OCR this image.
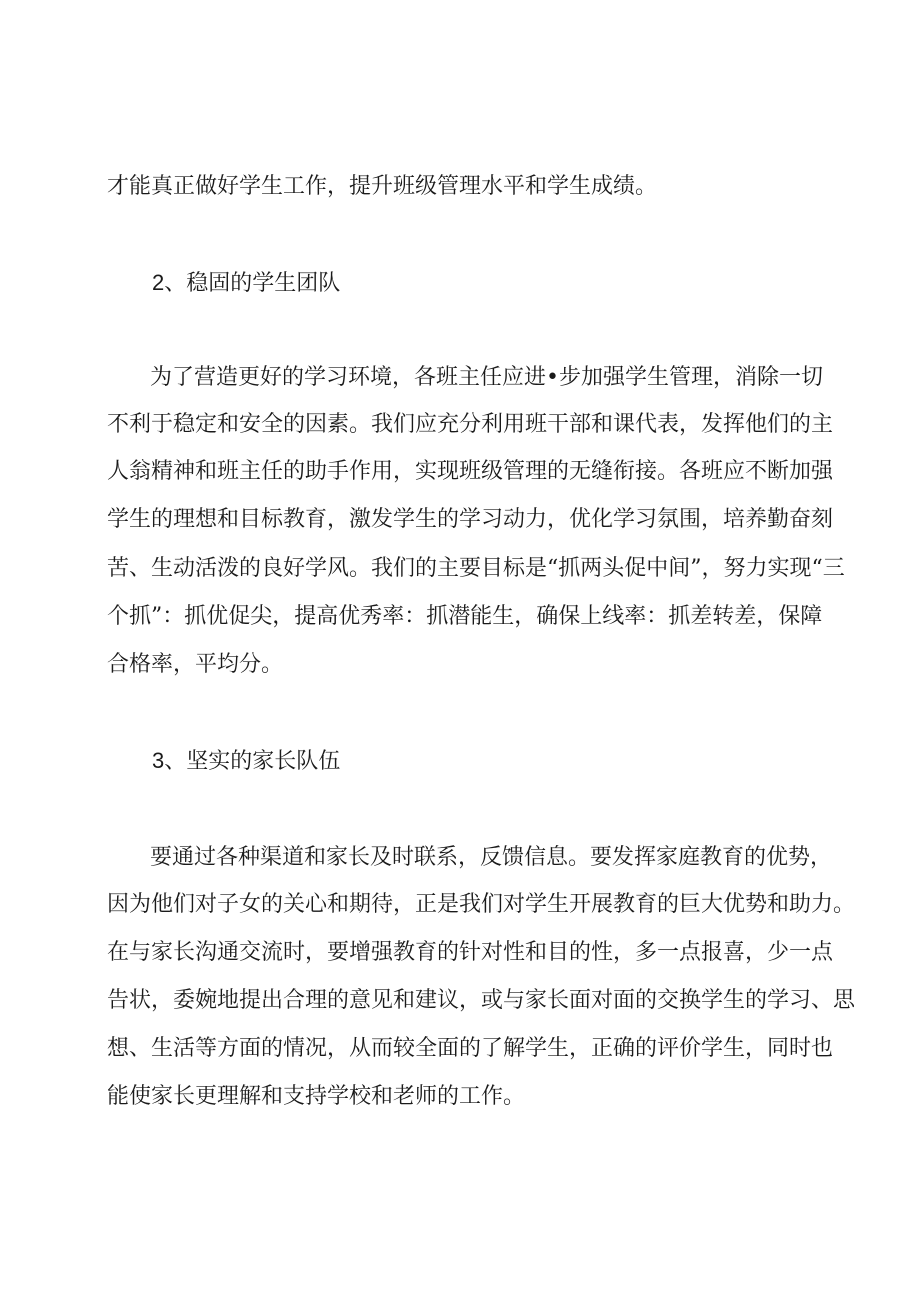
才能真正做好学生工作，提升班级管理水平和学生成绩。
2、稳固的学生团队
为了营造更好的学习环境，各班主任应进•步加强学生管理，消除一切
不利于稳定和安全的因素。我们应充分利用班干部和课代表，发挥他们的主
人翁精神和班主任的助手作用，实现班级管理的无缝衔接。各班应不断加强
学生的理想和目标教育，激发学生的学习动力，优化学习氛围，培养勤奋刻
苦、生动活泼的良好学风。我们的主要目标是“抓两头促中间”，努力实现“三
个抓”：抓优促尖，提高优秀率：抓潜能生，确保上线率：抓差转差，保障
合格率，平均分。
3、坚实的家长队伍
要通过各种渠道和家长及时联系，反馈信息。要发挥家庭教育的优势，
因为他们对子女的关心和期待，正是我们对学生开展教育的巨大优势和助力。
在与家长沟通交流时，要增强教育的针对性和目的性，多一点报喜，少一点
告状，委婉地提出合理的意见和建议，或与家长面对面的交换学生的学习、思
想、生活等方面的情况，从而较全面的了解学生，正确的评价学生，同时也
能使家长更理解和支持学校和老师的工作。
